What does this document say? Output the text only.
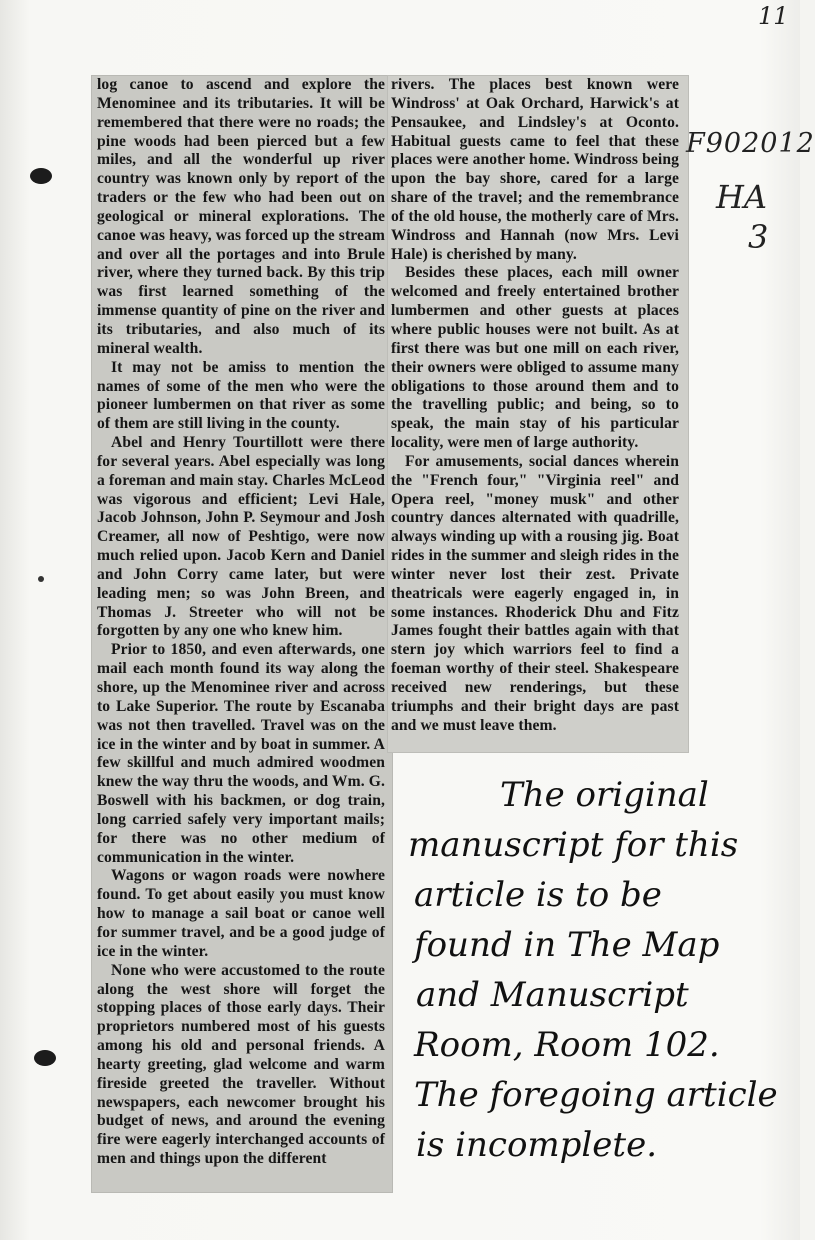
log canoe to ascend and explore the Menominee and its tributaries. It will be remembered that there were no roads; the pine woods had been pierced but a few miles, and all the wonderful up river country was known only by report of the traders or the few who had been out on geological or mineral explorations. The canoe was heavy, was forced up the stream and over all the portages and into Brule river, where they turned back. By this trip was first learned something of the immense quantity of pine on the river and its tributaries, and also much of its mineral wealth.

It may not be amiss to mention the names of some of the men who were the pioneer lumbermen on that river as some of them are still living in the county.

Abel and Henry Tourtillott were there for several years. Abel especially was long a foreman and main stay. Charles McLeod was vigorous and efficient; Levi Hale, Jacob Johnson, John P. Seymour and Josh Creamer, all now of Peshtigo, were now much relied upon. Jacob Kern and Daniel and John Corry came later, but were leading men; so was John Breen, and Thomas J. Streeter who will not be forgotten by any one who knew him.

Prior to 1850, and even afterwards, one mail each month found its way along the shore, up the Menominee river and across to Lake Superior. The route by Escanaba was not then travelled. Travel was on the ice in the winter and by boat in summer. A few skillful and much admired woodmen knew the way thru the woods, and Wm. G. Boswell with his backmen, or dog train, long carried safely very important mails; for there was no other medium of communication in the winter.

Wagons or wagon roads were nowhere found. To get about easily you must know how to manage a sail boat or canoe well for summer travel, and be a good judge of ice in the winter.

None who were accustomed to the route along the west shore will forget the stopping places of those early days. Their proprietors numbered most of his guests among his old and personal friends. A hearty greeting, glad welcome and warm fireside greeted the traveller. Without newspapers, each newcomer brought his budget of news, and around the evening fire were eagerly interchanged accounts of men and things upon the different

rivers. The places best known were Windross' at Oak Orchard, Harwick's at Pensaukee, and Lindsley's at Oconto. Habitual guests came to feel that these places were another home. Windross being upon the bay shore, cared for a large share of the travel; and the remembrance of the old house, the motherly care of Mrs. Windross and Hannah (now Mrs. Levi Hale) is cherished by many.

Besides these places, each mill owner welcomed and freely entertained brother lumbermen and other guests at places where public houses were not built. As at first there was but one mill on each river, their owners were obliged to assume many obligations to those around them and to the travelling public; and being, so to speak, the main stay of his particular locality, were men of large authority.

For amusements, social dances wherein the "French four," "Virginia reel" and Opera reel, "money musk" and other country dances alternated with quadrille, always winding up with a rousing jig. Boat rides in the summer and sleigh rides in the winter never lost their zest. Private theatricals were eagerly engaged in, in some instances. Rhoderick Dhu and Fitz James fought their battles again with that stern joy which warriors feel to find a foeman worthy of their steel. Shakespeare received new renderings, but these triumphs and their bright days are past and we must leave them.

11
F902012
HA
3
The original
manuscript for this
article is to be
found in The Map
and Manuscript
Room, Room 102.
The foregoing article
is incomplete.
